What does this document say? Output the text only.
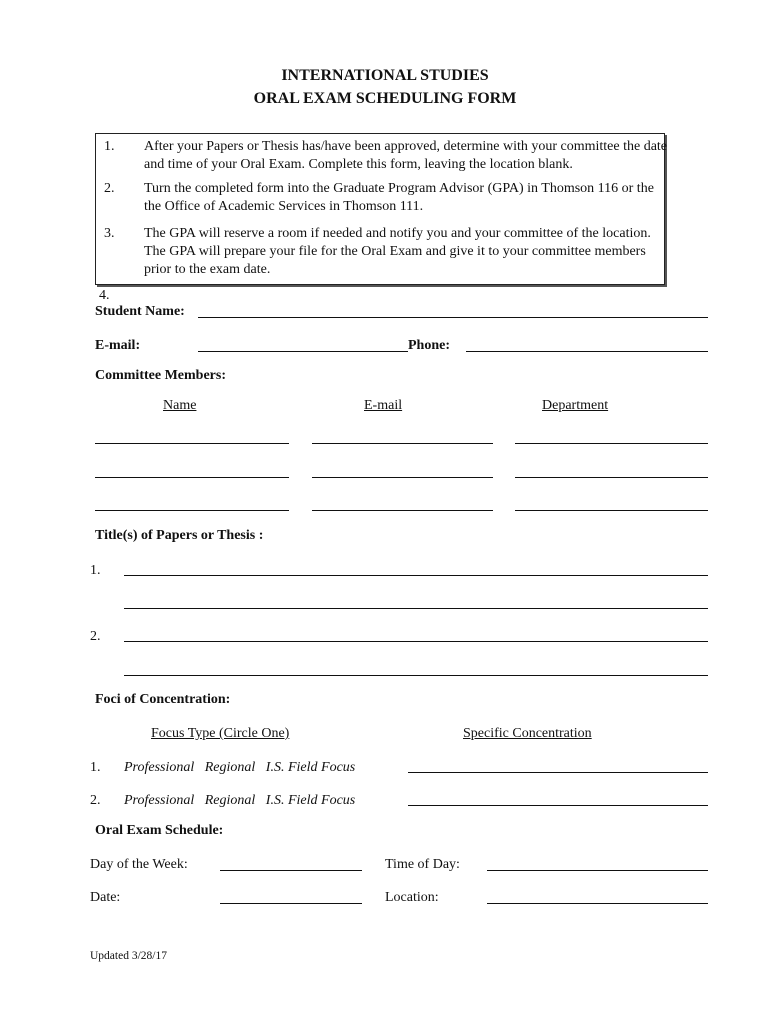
INTERNATIONAL STUDIES
ORAL EXAM SCHEDULING FORM
1.	After your Papers or Thesis has/have been approved, determine with your committee the date and time of your Oral Exam. Complete this form, leaving the location blank.
2.	Turn the completed form into the Graduate Program Advisor (GPA) in Thomson 116 or the the Office of Academic Services in Thomson 111.
3.	The GPA will reserve a room if needed and notify you and your committee of the location. The GPA will prepare your file for the Oral Exam and give it to your committee members prior to the exam date.
4.
Student Name:
E-mail:	Phone:
Committee Members:
Name	E-mail	Department
Title(s) of Papers or Thesis :
1.
2.
Foci of Concentration:
Focus Type (Circle One)	Specific Concentration
1. Professional   Regional   I.S. Field Focus
2. Professional   Regional   I.S. Field Focus
Oral Exam Schedule:
Day of the Week:	Time of Day:
Date:	Location:
Updated 3/28/17
